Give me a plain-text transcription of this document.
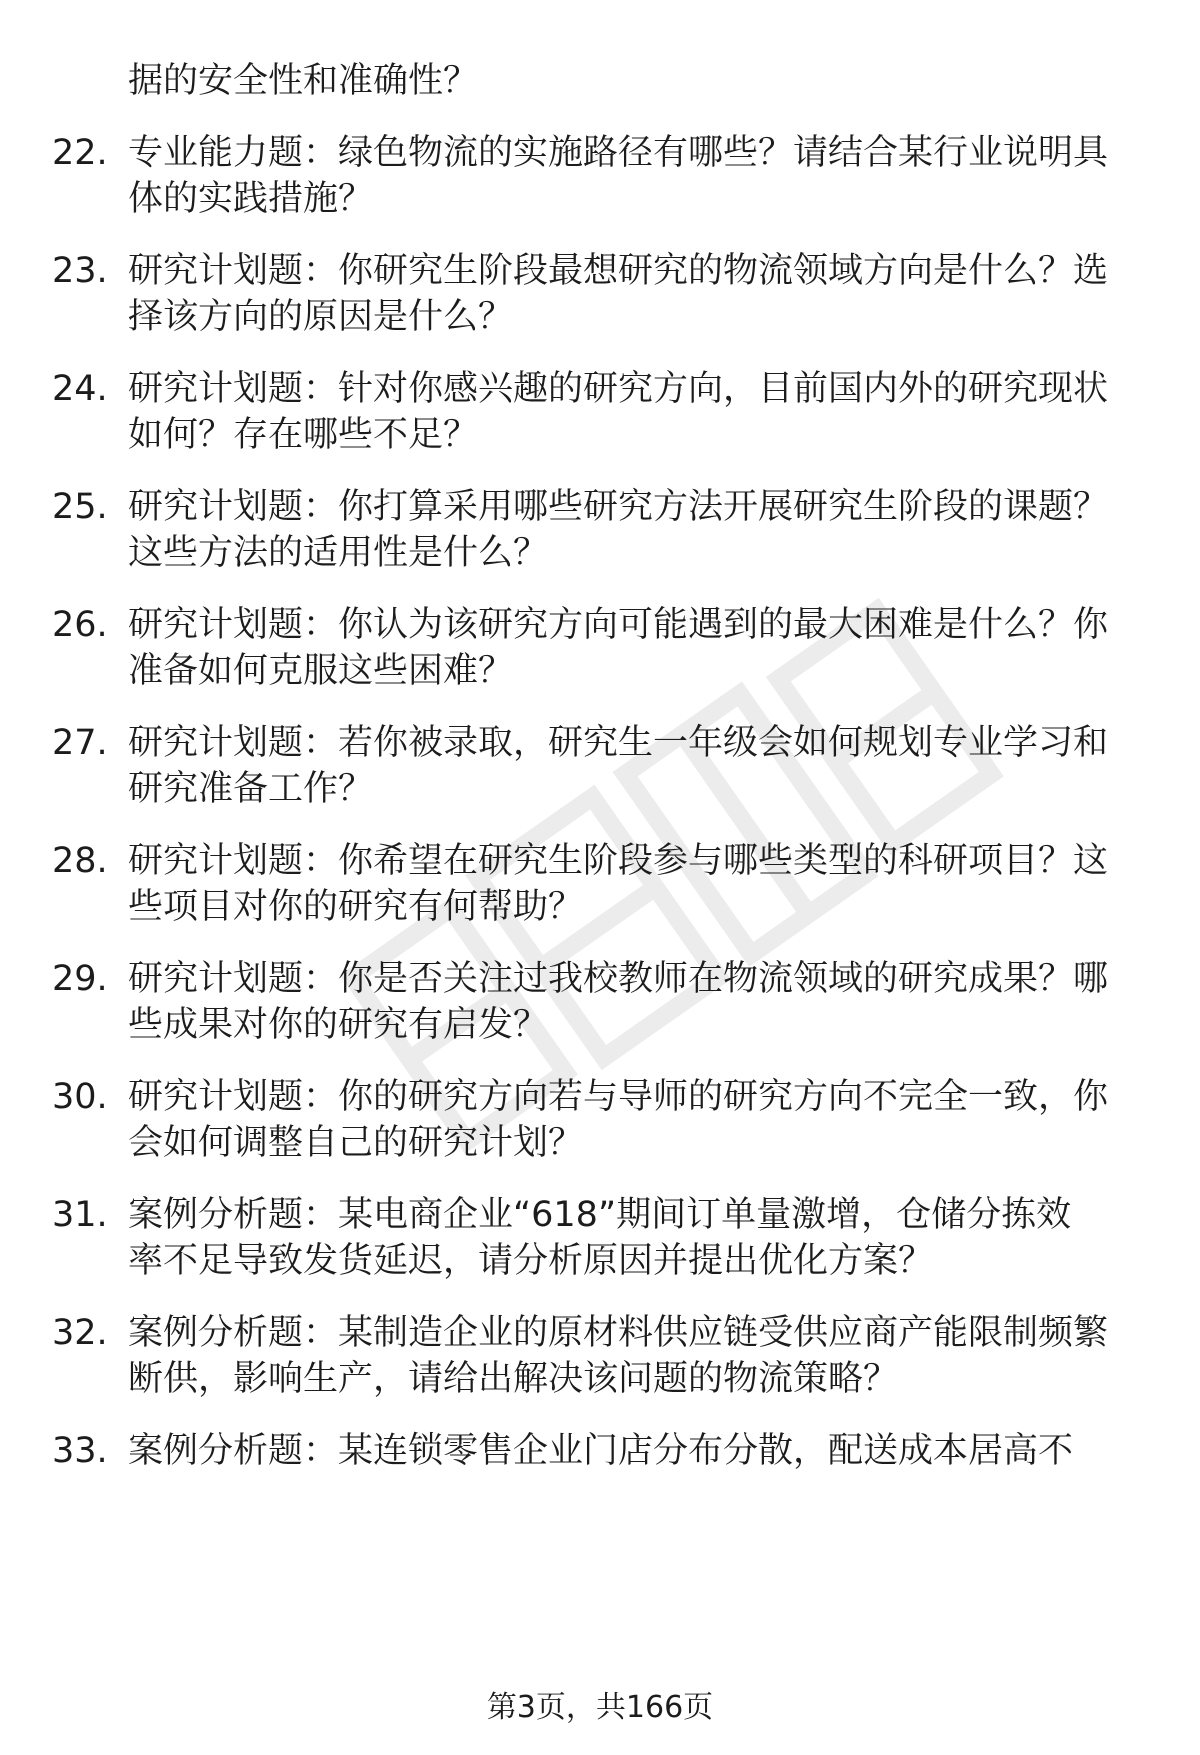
据的安全性和准确性？
22. 专业能力题：绿色物流的实施路径有哪些？请结合某行业说明具
体的实践措施？
23. 研究计划题：你研究生阶段最想研究的物流领域方向是什么？选
择该方向的原因是什么？
24. 研究计划题：针对你感兴趣的研究方向，目前国内外的研究现状
如何？存在哪些不足？
25. 研究计划题：你打算采用哪些研究方法开展研究生阶段的课题？
这些方法的适用性是什么？
26. 研究计划题：你认为该研究方向可能遇到的最大困难是什么？你
准备如何克服这些困难？
27. 研究计划题：若你被录取，研究生一年级会如何规划专业学习和
研究准备工作？
28. 研究计划题：你希望在研究生阶段参与哪些类型的科研项目？这
些项目对你的研究有何帮助？
29. 研究计划题：你是否关注过我校教师在物流领域的研究成果？哪
些成果对你的研究有启发？
30. 研究计划题：你的研究方向若与导师的研究方向不完全一致，你
会如何调整自己的研究计划？
31. 案例分析题：某电商企业“618”期间订单量激增，仓储分拣效
率不足导致发货延迟，请分析原因并提出优化方案？
32. 案例分析题：某制造企业的原材料供应链受供应商产能限制频繁
断供，影响生产，请给出解决该问题的物流策略？
33. 案例分析题：某连锁零售企业门店分布分散，配送成本居高不
第3页，共166页
